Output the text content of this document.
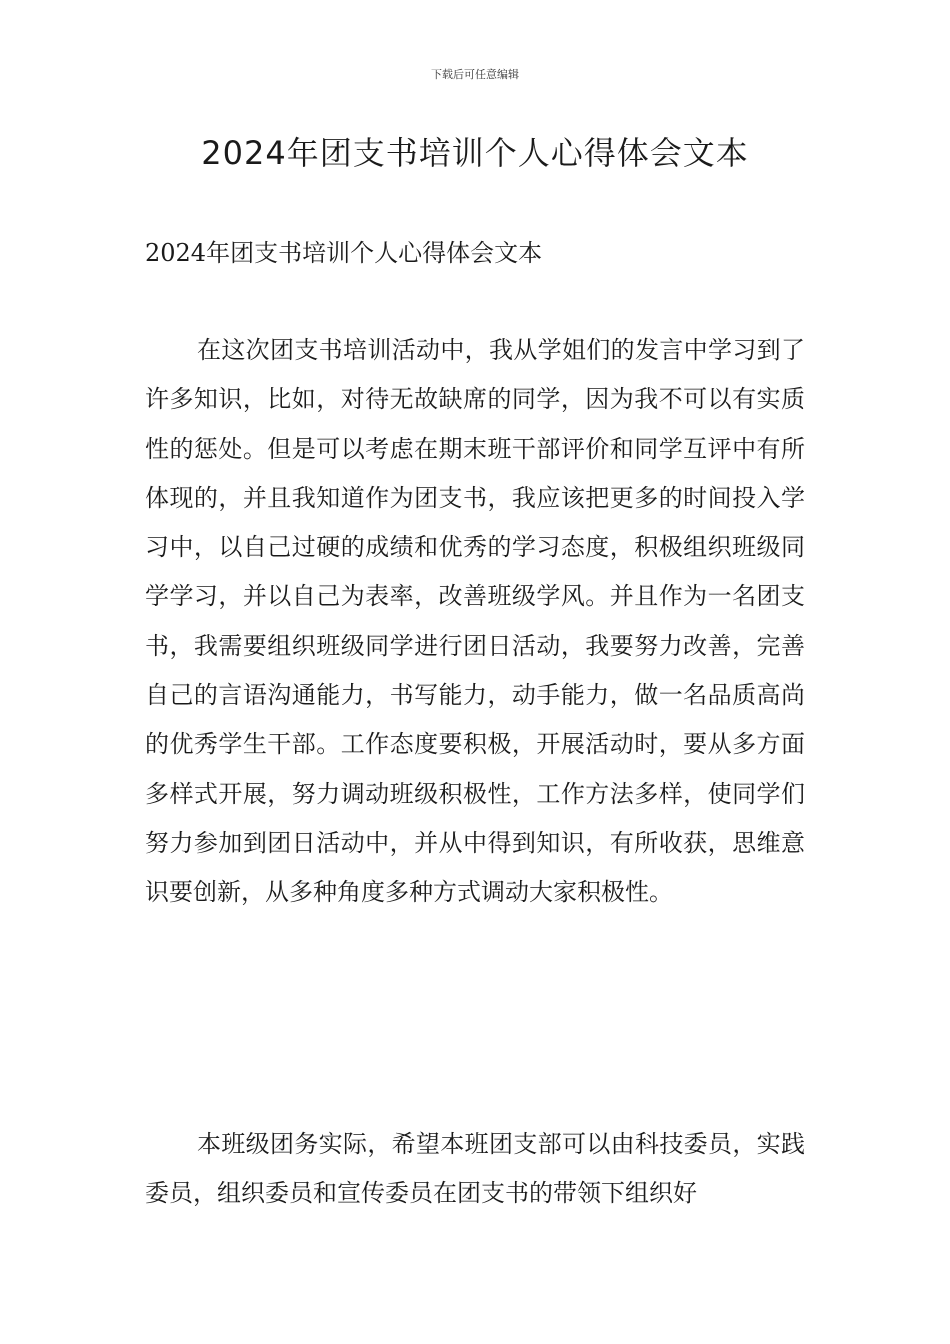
下载后可任意编辑
2024年团支书培训个人心得体会文本
2024年团支书培训个人心得体会文本

在这次团支书培训活动中，我从学姐们的发言中学习到了许多知识，比如，对待无故缺席的同学，因为我不可以有实质性的惩处。但是可以考虑在期末班干部评价和同学互评中有所体现的，并且我知道作为团支书，我应该把更多的时间投入学习中，以自己过硬的成绩和优秀的学习态度，积极组织班级同学学习，并以自己为表率，改善班级学风。并且作为一名团支书，我需要组织班级同学进行团日活动，我要努力改善，完善自己的言语沟通能力，书写能力，动手能力，做一名品质高尚的优秀学生干部。工作态度要积极，开展活动时，要从多方面多样式开展，努力调动班级积极性，工作方法多样，使同学们努力参加到团日活动中，并从中得到知识，有所收获，思维意识要创新，从多种角度多种方式调动大家积极性。

本班级团务实际，希望本班团支部可以由科技委员，实践委员，组织委员和宣传委员在团支书的带领下组织好
